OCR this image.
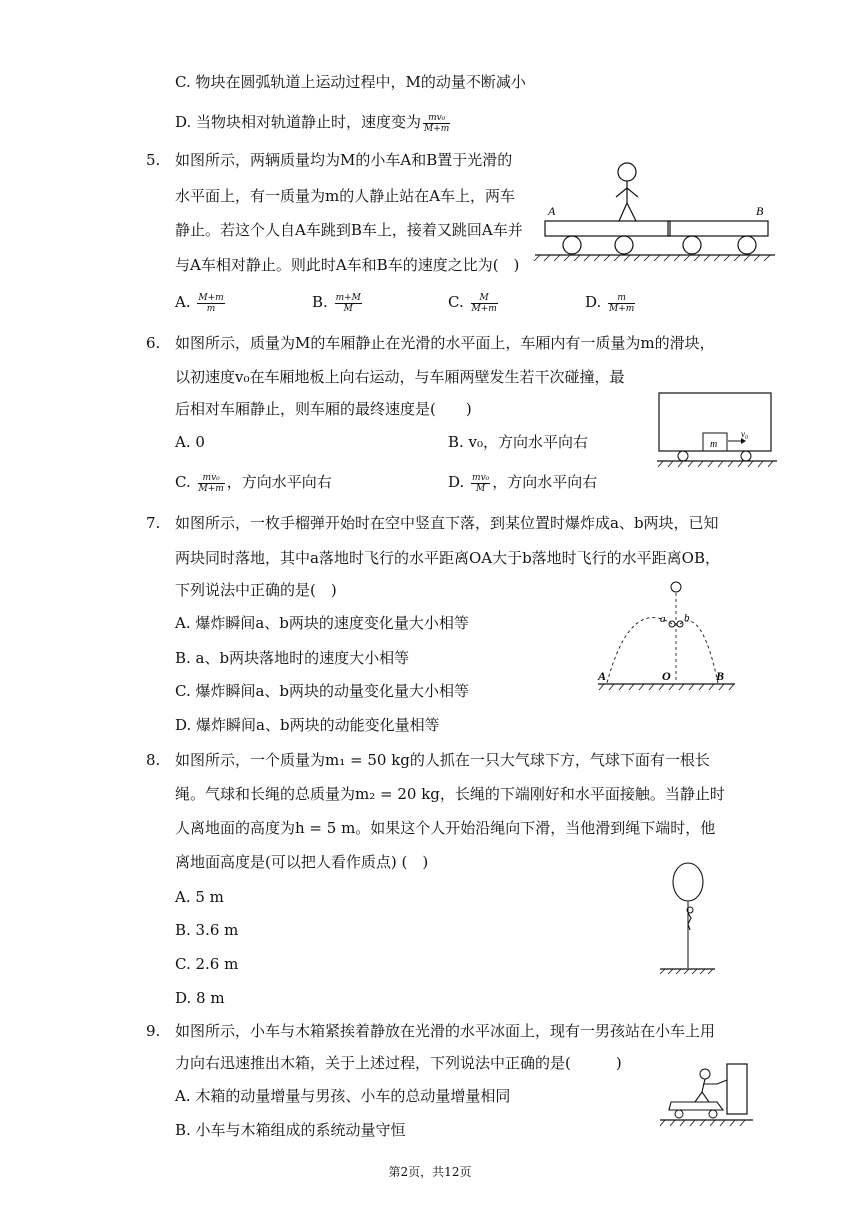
C. 物块在圆弧轨道上运动过程中，M的动量不断减小
D. 当物块相对轨道静止时，速度变为 $\frac{\text{mv₀}}{M+m}$
5. 如图所示，两辆质量均为M的小车A和B置于光滑的
水平面上，有一质量为m的人静止站在A车上，两车
静止。若这个人自A车跳到B车上，接着又跳回A车并
与A车相对静止。则此时A车和B车的速度之比为(　)
A. $\frac{M+m}{m}$	B. $\frac{m+M}{M}$	C. $\frac{M}{M+m}$	D. $\frac{m}{M+m}$
A	B
6. 如图所示，质量为M的车厢静止在光滑的水平面上，车厢内有一质量为m的滑块，
以初速度v₀在车厢地板上向右运动，与车厢两壁发生若干次碰撞，最
后相对车厢静止，则车厢的最终速度是(　　)
A. 0	B. v₀，方向水平向右
C. $\frac{\text{mv₀}}{M+m}$ ，方向水平向右	D. $\frac{\text{mv₀}}{M}$ ，方向水平向右
m
v₀
7. 如图所示，一枚手榴弹开始时在空中竖直下落，到某位置时爆炸成a、b两块，已知
两块同时落地，其中a落地时飞行的水平距离OA大于b落地时飞行的水平距离OB，
下列说法中正确的是(　)
A. 爆炸瞬间a、b两块的速度变化量大小相等
B. a、b两块落地时的速度大小相等
C. 爆炸瞬间a、b两块的动量变化量大小相等
D. 爆炸瞬间a、b两块的动能变化量相等
a b
A	O	B
8. 如图所示，一个质量为m₁ = 50 kg的人抓在一只大气球下方，气球下面有一根长
绳。气球和长绳的总质量为m₂ = 20 kg，长绳的下端刚好和水平面接触。当静止时
人离地面的高度为h = 5 m。如果这个人开始沿绳向下滑，当他滑到绳下端时，他
离地面高度是(可以把人看作质点) (　)
A. 5 m
B. 3.6 m
C. 2.6 m
D. 8 m
9. 如图所示，小车与木箱紧挨着静放在光滑的水平冰面上，现有一男孩站在小车上用
力向右迅速推出木箱，关于上述过程，下列说法中正确的是(　　　)
A. 木箱的动量增量与男孩、小车的总动量增量相同
B. 小车与木箱组成的系统动量守恒
第2页，共12页
